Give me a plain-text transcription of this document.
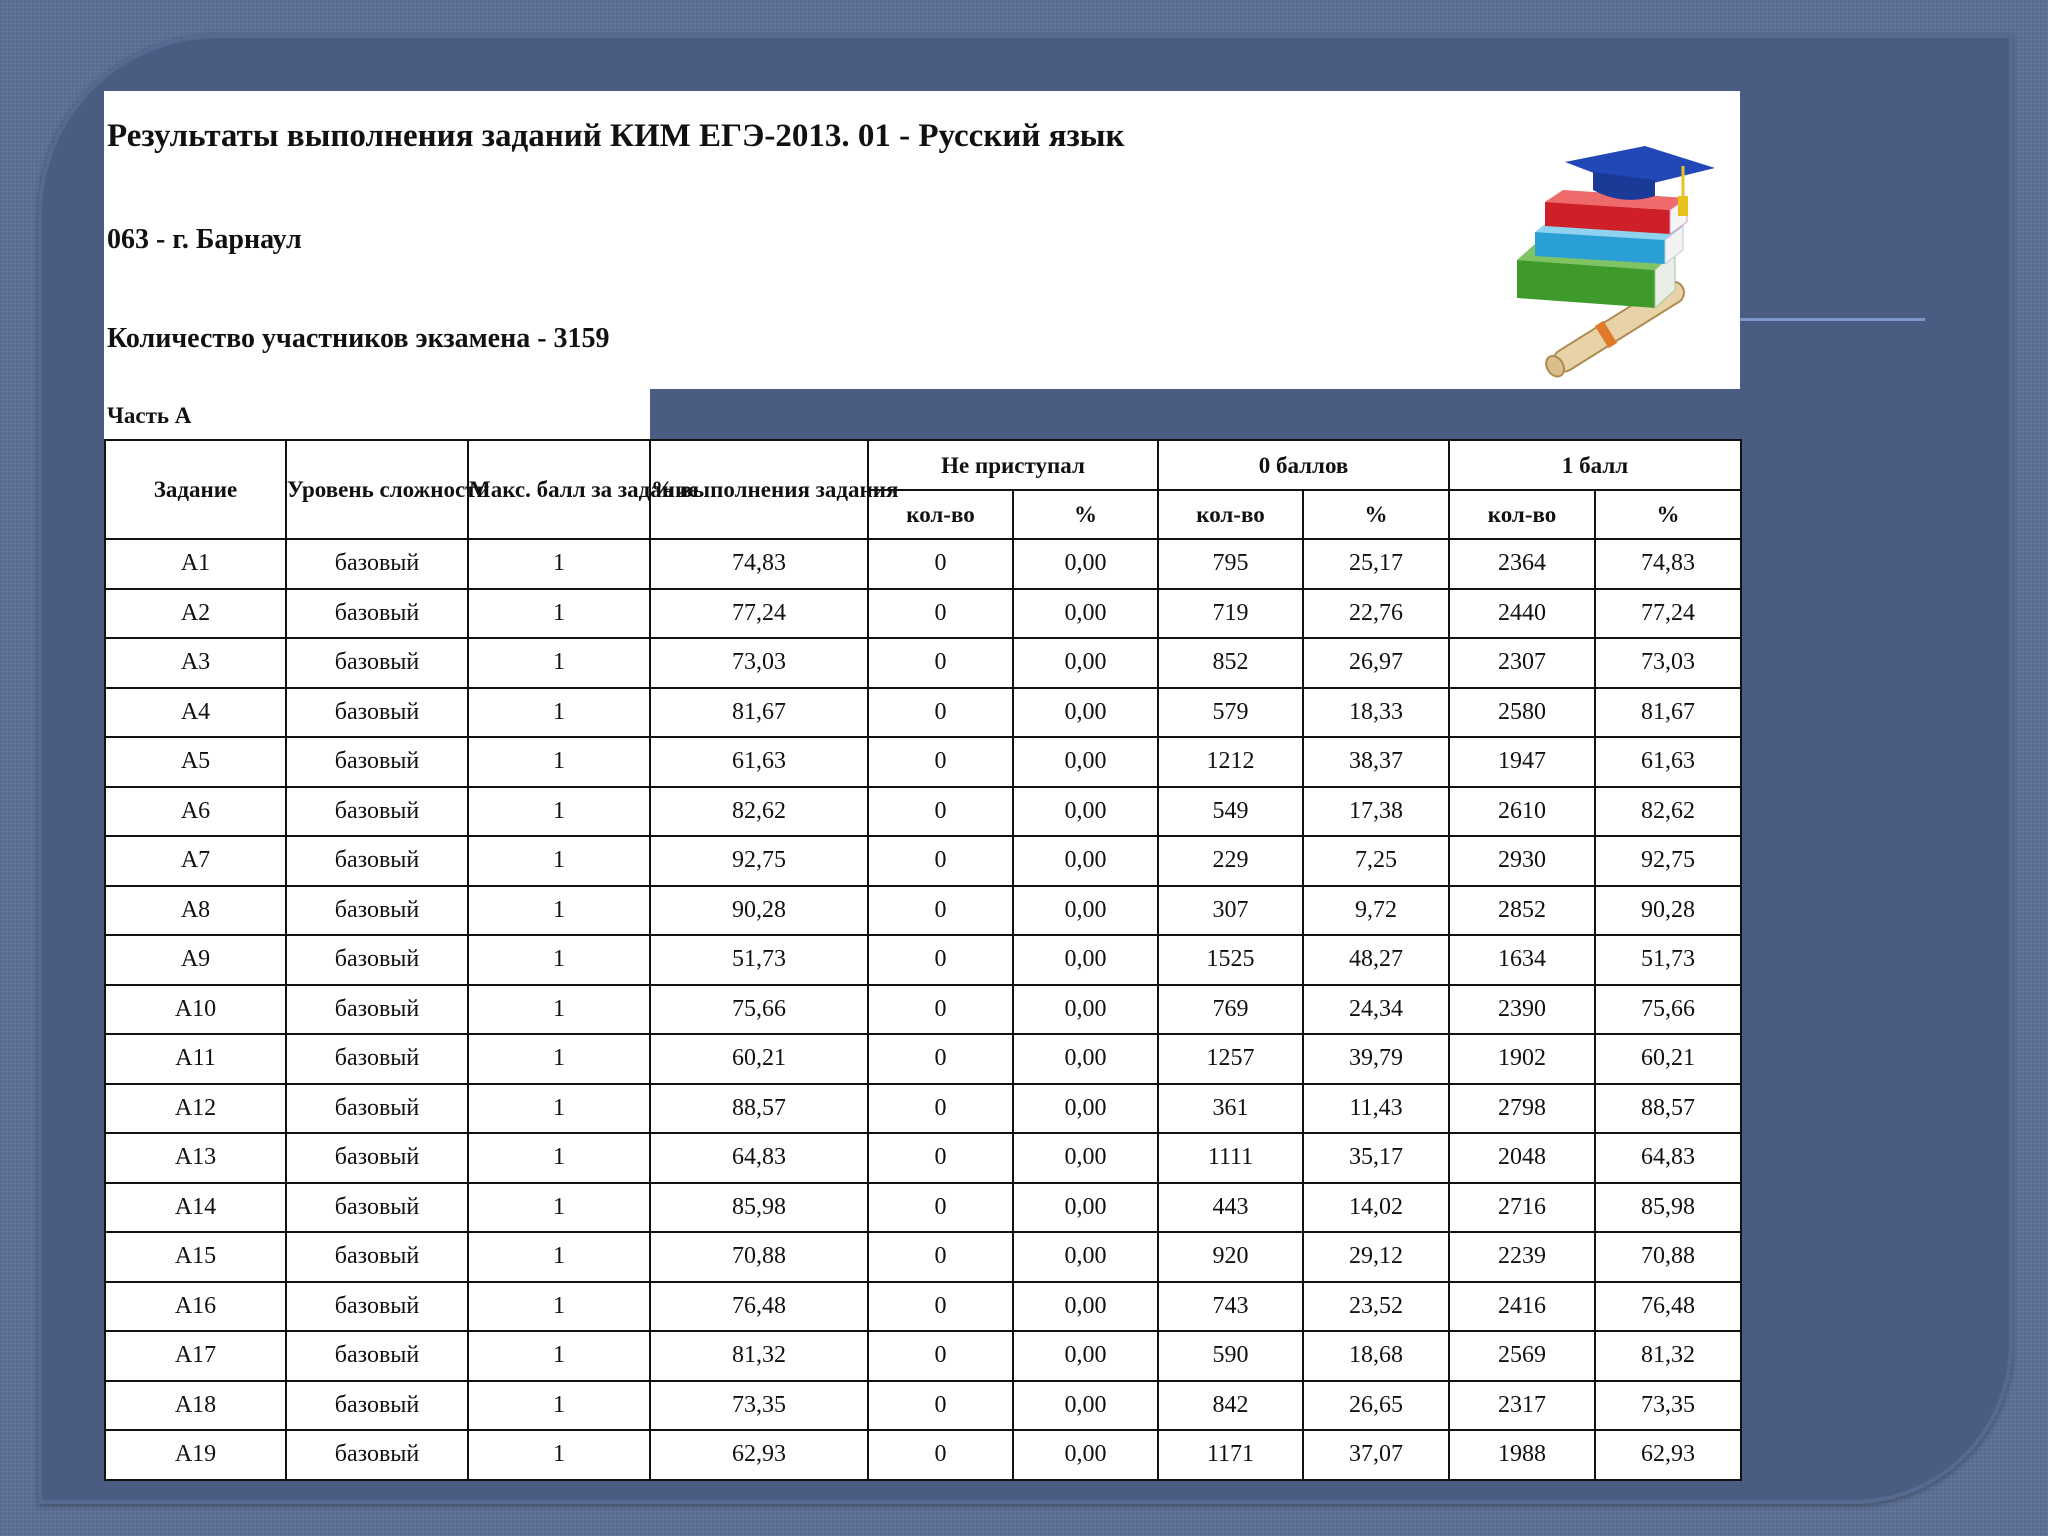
Результаты выполнения заданий КИМ ЕГЭ-2013. 01 - Русский язык
063 - г. Барнаул
Количество участников экзамена - 3159
Часть А
Задание	Уровень сложности	Макс. балл за задание	% выполнения задания	Не приступал		0 баллов		1 балл	
				кол-во	%	кол-во	%	кол-во	%
А1	базовый	1	74,83	0	0,00	795	25,17	2364	74,83
А2	базовый	1	77,24	0	0,00	719	22,76	2440	77,24
А3	базовый	1	73,03	0	0,00	852	26,97	2307	73,03
А4	базовый	1	81,67	0	0,00	579	18,33	2580	81,67
А5	базовый	1	61,63	0	0,00	1212	38,37	1947	61,63
А6	базовый	1	82,62	0	0,00	549	17,38	2610	82,62
А7	базовый	1	92,75	0	0,00	229	7,25	2930	92,75
А8	базовый	1	90,28	0	0,00	307	9,72	2852	90,28
А9	базовый	1	51,73	0	0,00	1525	48,27	1634	51,73
А10	базовый	1	75,66	0	0,00	769	24,34	2390	75,66
А11	базовый	1	60,21	0	0,00	1257	39,79	1902	60,21
А12	базовый	1	88,57	0	0,00	361	11,43	2798	88,57
А13	базовый	1	64,83	0	0,00	1111	35,17	2048	64,83
А14	базовый	1	85,98	0	0,00	443	14,02	2716	85,98
А15	базовый	1	70,88	0	0,00	920	29,12	2239	70,88
А16	базовый	1	76,48	0	0,00	743	23,52	2416	76,48
А17	базовый	1	81,32	0	0,00	590	18,68	2569	81,32
А18	базовый	1	73,35	0	0,00	842	26,65	2317	73,35
А19	базовый	1	62,93	0	0,00	1171	37,07	1988	62,93
